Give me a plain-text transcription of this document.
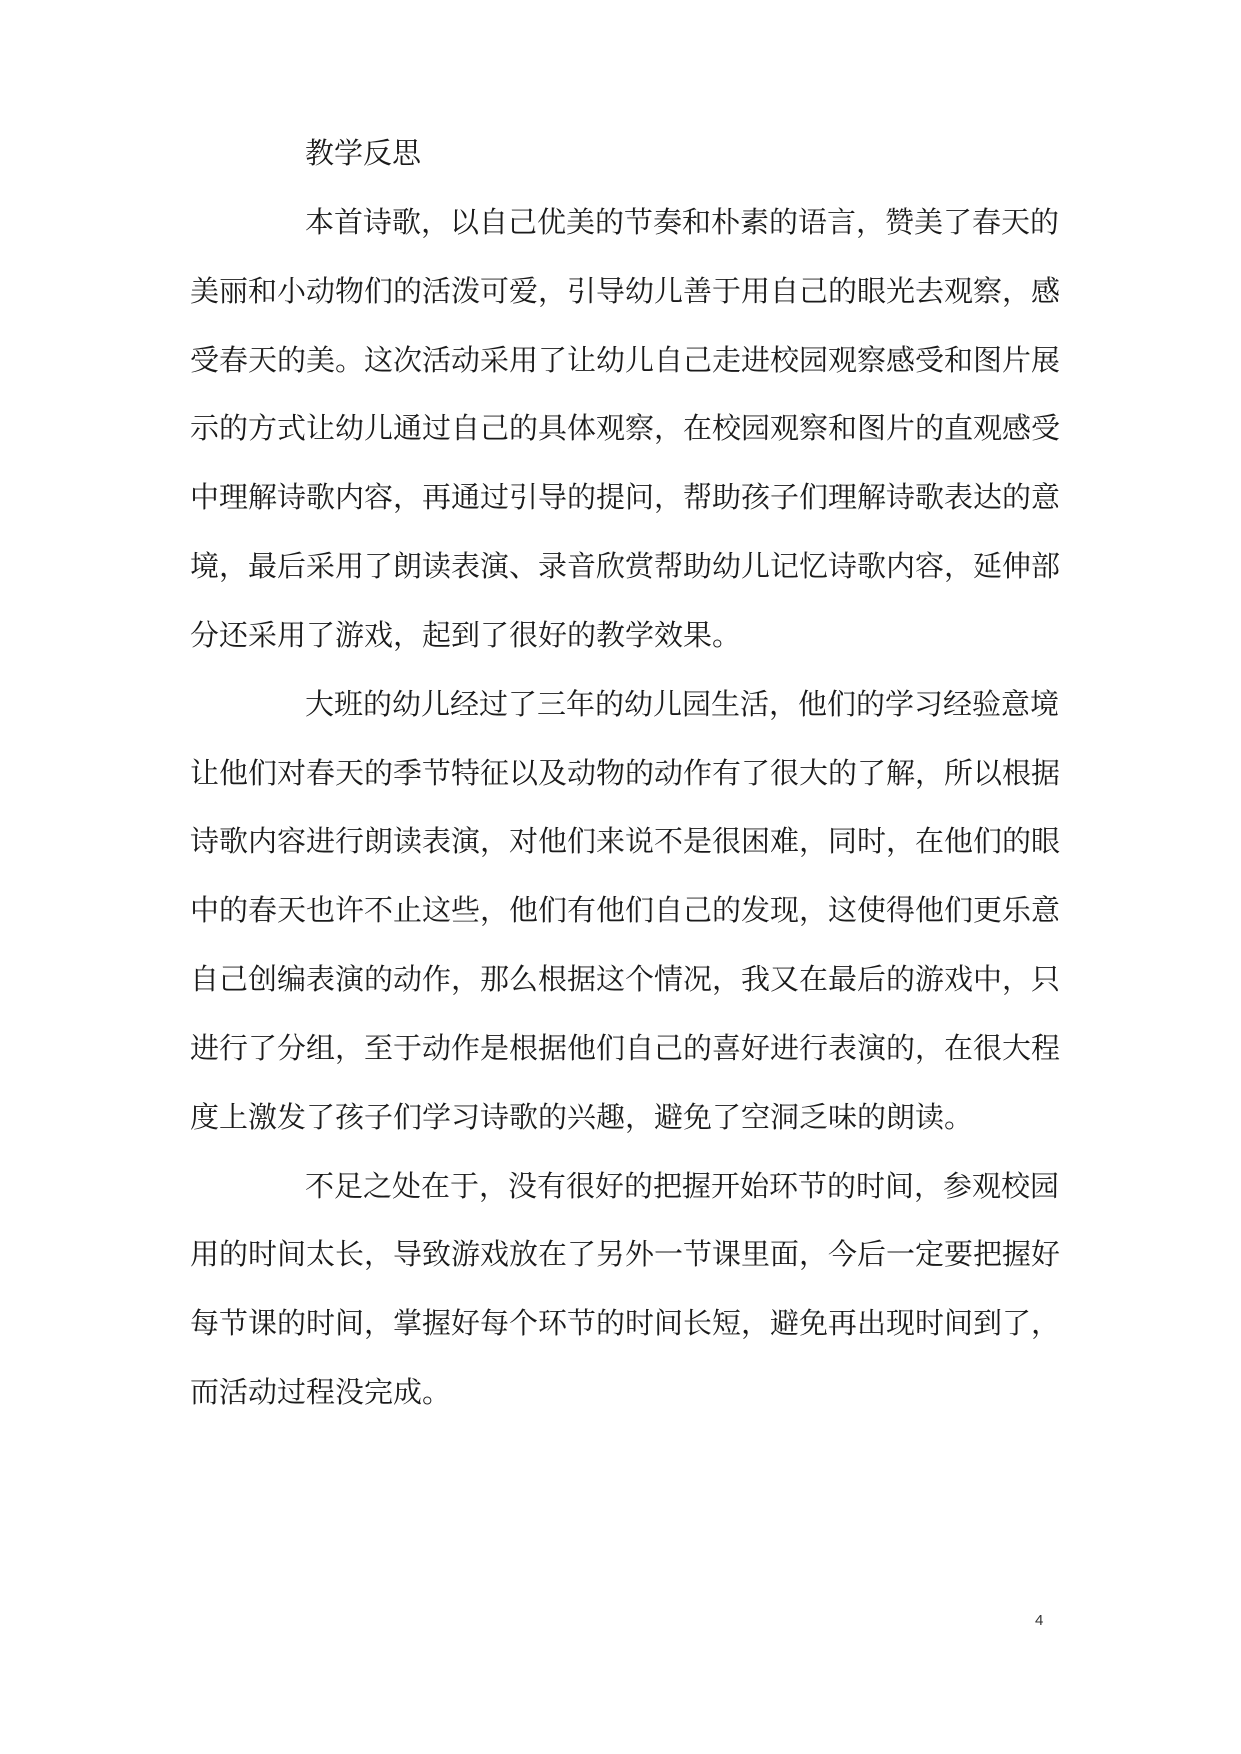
教学反思
本首诗歌，以自己优美的节奏和朴素的语言，赞美了春天的
美丽和小动物们的活泼可爱，引导幼儿善于用自己的眼光去观察，感
受春天的美。这次活动采用了让幼儿自己走进校园观察感受和图片展
示的方式让幼儿通过自己的具体观察，在校园观察和图片的直观感受
中理解诗歌内容，再通过引导的提问，帮助孩子们理解诗歌表达的意
境，最后采用了朗读表演、录音欣赏帮助幼儿记忆诗歌内容，延伸部
分还采用了游戏，起到了很好的教学效果。
大班的幼儿经过了三年的幼儿园生活，他们的学习经验意境
让他们对春天的季节特征以及动物的动作有了很大的了解，所以根据
诗歌内容进行朗读表演，对他们来说不是很困难，同时，在他们的眼
中的春天也许不止这些，他们有他们自己的发现，这使得他们更乐意
自己创编表演的动作，那么根据这个情况，我又在最后的游戏中，只
进行了分组，至于动作是根据他们自己的喜好进行表演的，在很大程
度上激发了孩子们学习诗歌的兴趣，避免了空洞乏味的朗读。
不足之处在于，没有很好的把握开始环节的时间，参观校园
用的时间太长，导致游戏放在了另外一节课里面，今后一定要把握好
每节课的时间，掌握好每个环节的时间长短，避免再出现时间到了，
而活动过程没完成。
4
